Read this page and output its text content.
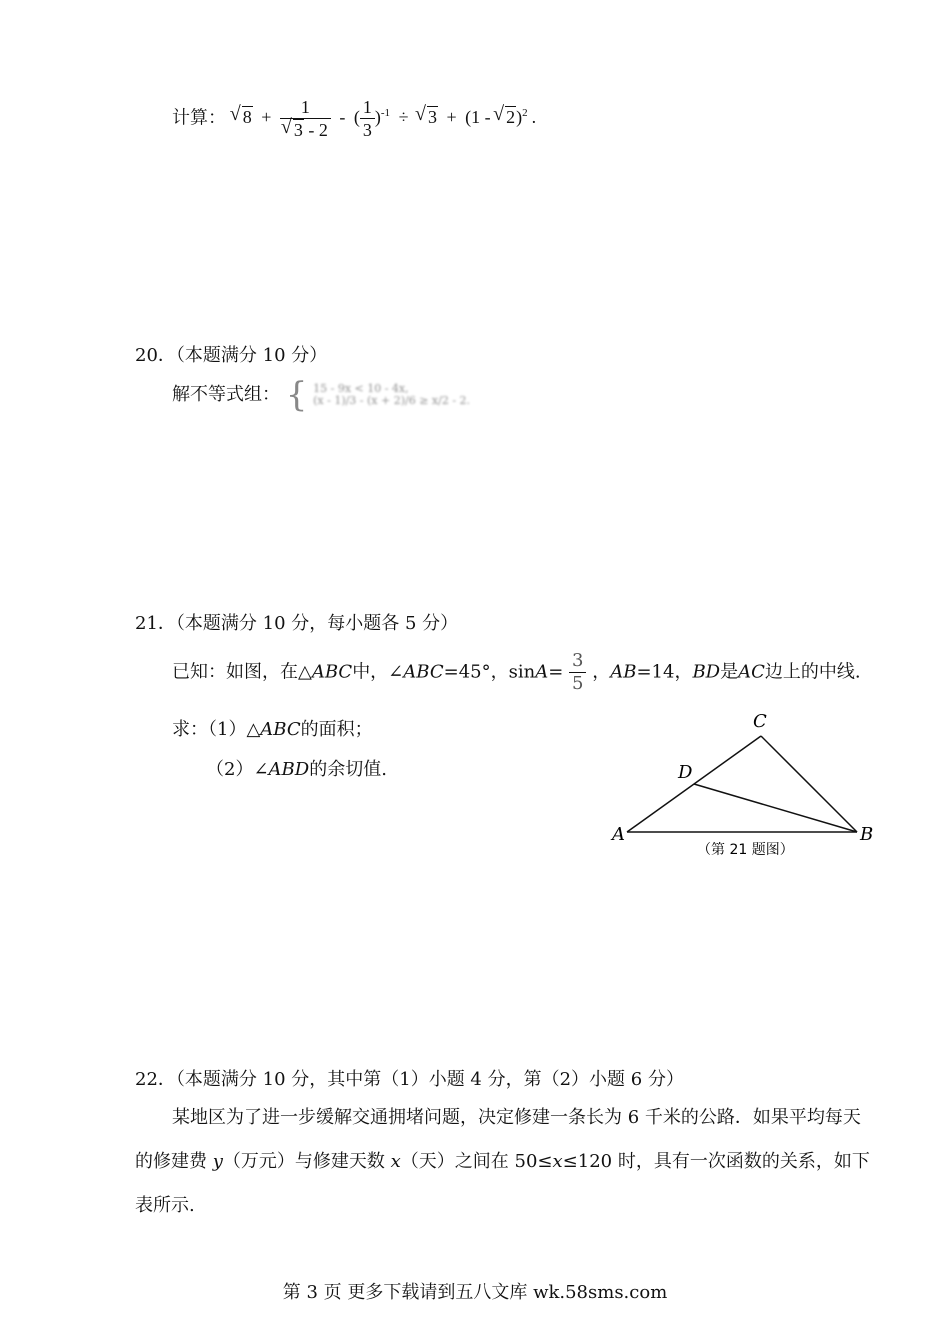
计算： √ 8 + 1
√ 3 - 2 - ( $\frac{1}{3} )^{-1}$ ÷ √ 3 + (1 - √ 2)$^2$ .
20．（本题满分 10 分）
解不等式组： { 15 - 9x < 10 - 4x,
(x - 1)/3 - (x + 2)/6 ≥ x/2 - 2.
21．（本题满分 10 分，每小题各 5 分）
已知：如图，在△ABC中，∠ABC=45°，$\sin A= \frac{3}{5}$ ，AB=14，BD是AC边上的中线.
求：（1）△ABC的面积；
（2）∠ABD的余切值.
C
D
A	B
（第 21 题图）
22．（本题满分 10 分，其中第（1）小题 4 分，第（2）小题 6 分）
某地区为了进一步缓解交通拥堵问题，决定修建一条长为 6 千米的公路．如果平均每天
的修建费 y（万元）与修建天数 x（天）之间在 50≤x≤120 时，具有一次函数的关系，如下
表所示.
第 3 页 更多下载请到五八文库 wk.58sms.com
